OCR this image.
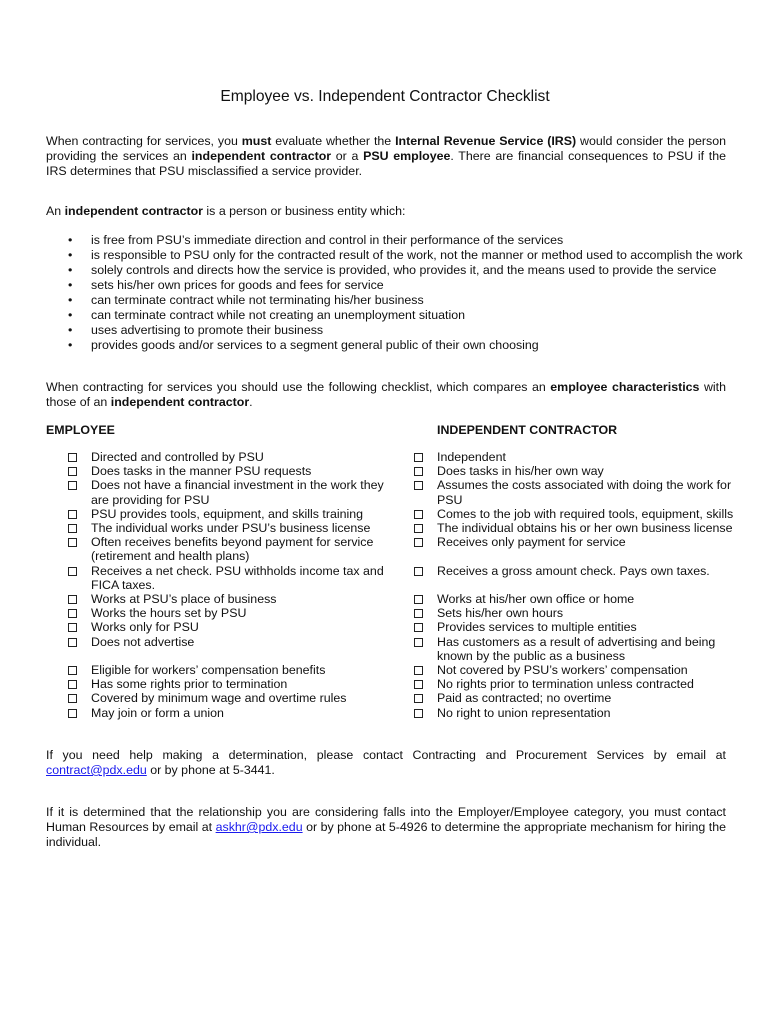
Employee vs. Independent Contractor Checklist
When contracting for services, you must evaluate whether the Internal Revenue Service (IRS) would consider the person providing the services an independent contractor or a PSU employee. There are financial consequences to PSU if the IRS determines that PSU misclassified a service provider.
An independent contractor is a person or business entity which:
• is free from PSU’s immediate direction and control in their performance of the services
• is responsible to PSU only for the contracted result of the work, not the manner or method used to accomplish the work
• solely controls and directs how the service is provided, who provides it, and the means used to provide the service
• sets his/her own prices for goods and fees for service
• can terminate contract while not terminating his/her business
• can terminate contract while not creating an unemployment situation
• uses advertising to promote their business
• provides goods and/or services to a segment general public of their own choosing
When contracting for services you should use the following checklist, which compares an employee characteristics with those of an independent contractor.
EMPLOYEE	INDEPENDENT CONTRACTOR
Directed and controlled by PSU
Does tasks in the manner PSU requests
Does not have a financial investment in the work they are providing for PSU
PSU provides tools, equipment, and skills training
The individual works under PSU’s business license
Often receives benefits beyond payment for service (retirement and health plans)
Receives a net check. PSU withholds income tax and FICA taxes.
Works at PSU’s place of business
Works the hours set by PSU
Works only for PSU
Does not advertise
Eligible for workers’ compensation benefits
Has some rights prior to termination
Covered by minimum wage and overtime rules
May join or form a union
Independent
Does tasks in his/her own way
Assumes the costs associated with doing the work for PSU
Comes to the job with required tools, equipment, skills
The individual obtains his or her own business license
Receives only payment for service
Receives a gross amount check. Pays own taxes.
Works at his/her own office or home
Sets his/her own hours
Provides services to multiple entities
Has customers as a result of advertising and being known by the public as a business
Not covered by PSU’s workers’ compensation
No rights prior to termination unless contracted
Paid as contracted; no overtime
No right to union representation
If you need help making a determination, please contact Contracting and Procurement Services by email at contract@pdx.edu or by phone at 5-3441.
If it is determined that the relationship you are considering falls into the Employer/Employee category, you must contact Human Resources by email at askhr@pdx.edu or by phone at 5-4926 to determine the appropriate mechanism for hiring the individual.
